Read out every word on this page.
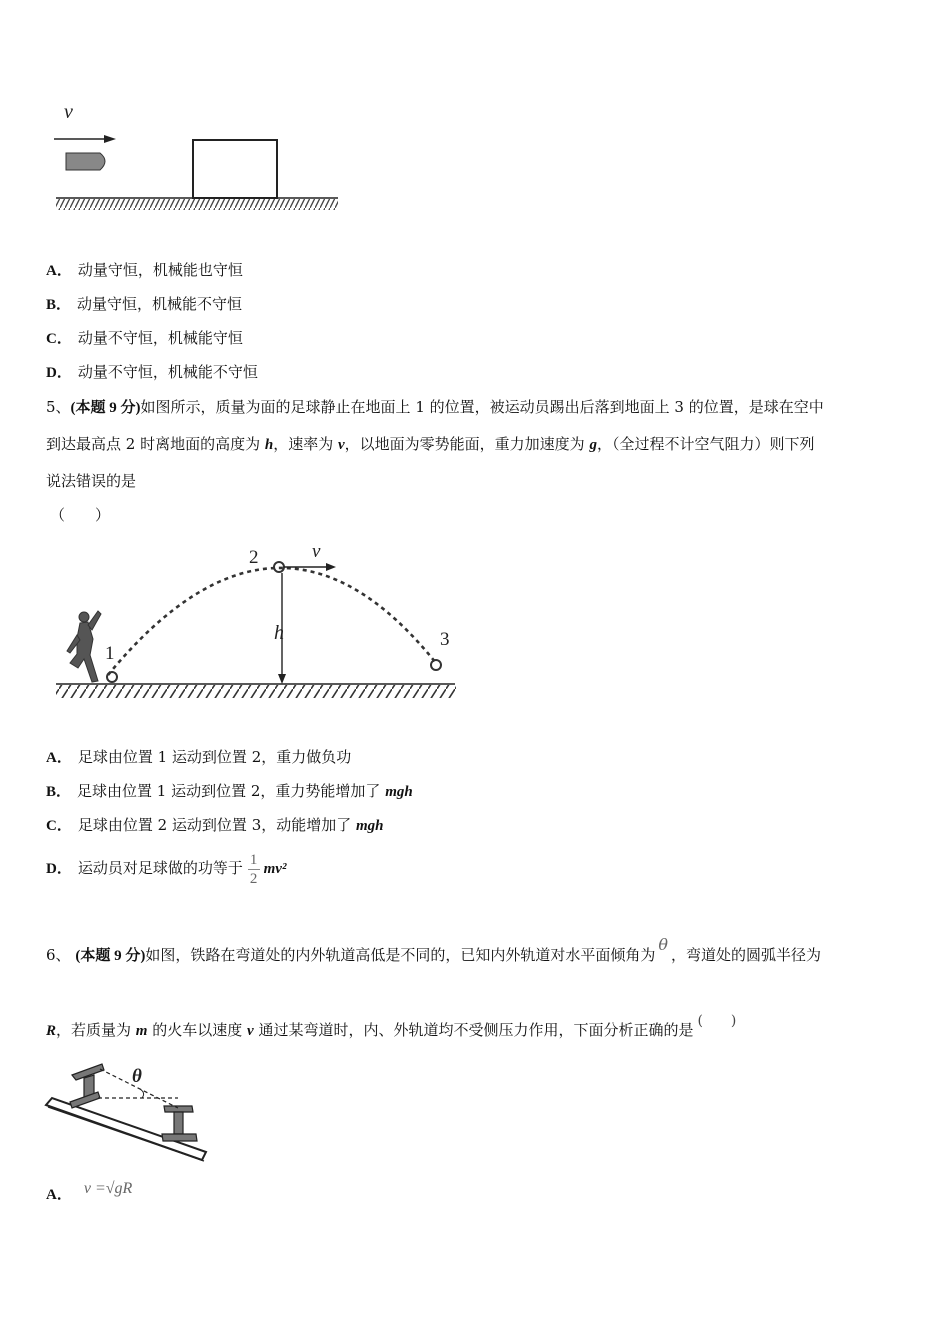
v
A． 动量守恒，机械能也守恒
B． 动量守恒，机械能不守恒
C． 动量不守恒，机械能守恒
D． 动量不守恒，机械能不守恒
5、(本题 9 分)如图所示，质量为面的足球静止在地面上 1 的位置，被运动员踢出后落到地面上 3 的位置，是球在空中
到达最高点 2 时离地面的高度为 h，速率为 v，以地面为零势能面，重力加速度为 g，（全过程不计空气阻力）则下列
说法错误的是
（　　）
1
2
3
v
h
A． 足球由位置 1 运动到位置 2，重力做负功
B． 足球由位置 1 运动到位置 2，重力势能增加了 mgh
C． 足球由位置 2 运动到位置 3，动能增加了 mgh
D． 运动员对足球做的功等于 $\frac{1}{2} mv^2$
6、 (本题 9 分)如图，铁路在弯道处的内外轨道高低是不同的，已知内外轨道对水平面倾角为θ，弯道处的圆弧半径为
R，若质量为 m 的火车以速度 v 通过某弯道时，内、外轨道均不受侧压力作用，下面分析正确的是 (　　)
θ
A． v =√gR
